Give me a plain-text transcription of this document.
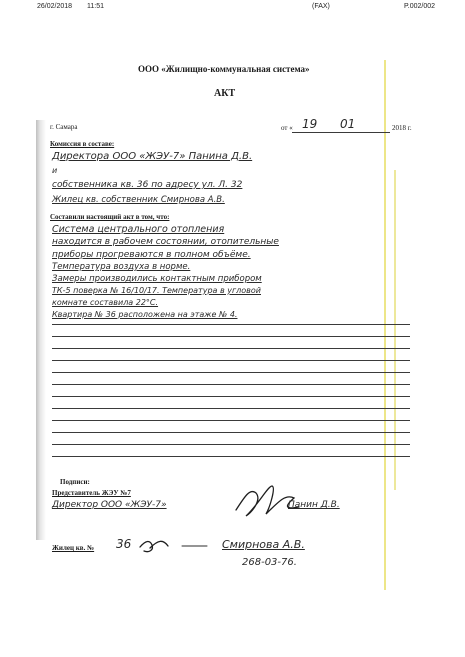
26/02/2018 11:51	(FAX)	P.002/002
ООО «Жилищно-коммунальная система»
АКТ
г. Самара	от « 19 01	2018 г.
Комиссия в составе:
Директора ООО «ЖЭУ-7» Панина Д.В.
и
собственника кв. 36 по адресу ул. Л. 32
Жилец кв. собственник Смирнова А.В.
Составили настоящий акт в том, что:
Система центрального отопления
находится в рабочем состоянии, отопительные
приборы прогреваются в полном объёме.
Температура воздуха в норме.
Замеры производились контактным прибором
ТК-5 поверка № 16/10/17. Температура в угловой
комнате составила 22°С.
Квартира № 36 расположена на этаже № 4.
Подписи:
Представитель ЖЭУ №7
Директор ООО «ЖЭУ-7»	Панин Д.В.
Жилец кв. № 36	Смирнова А.В.
268-03-76.
